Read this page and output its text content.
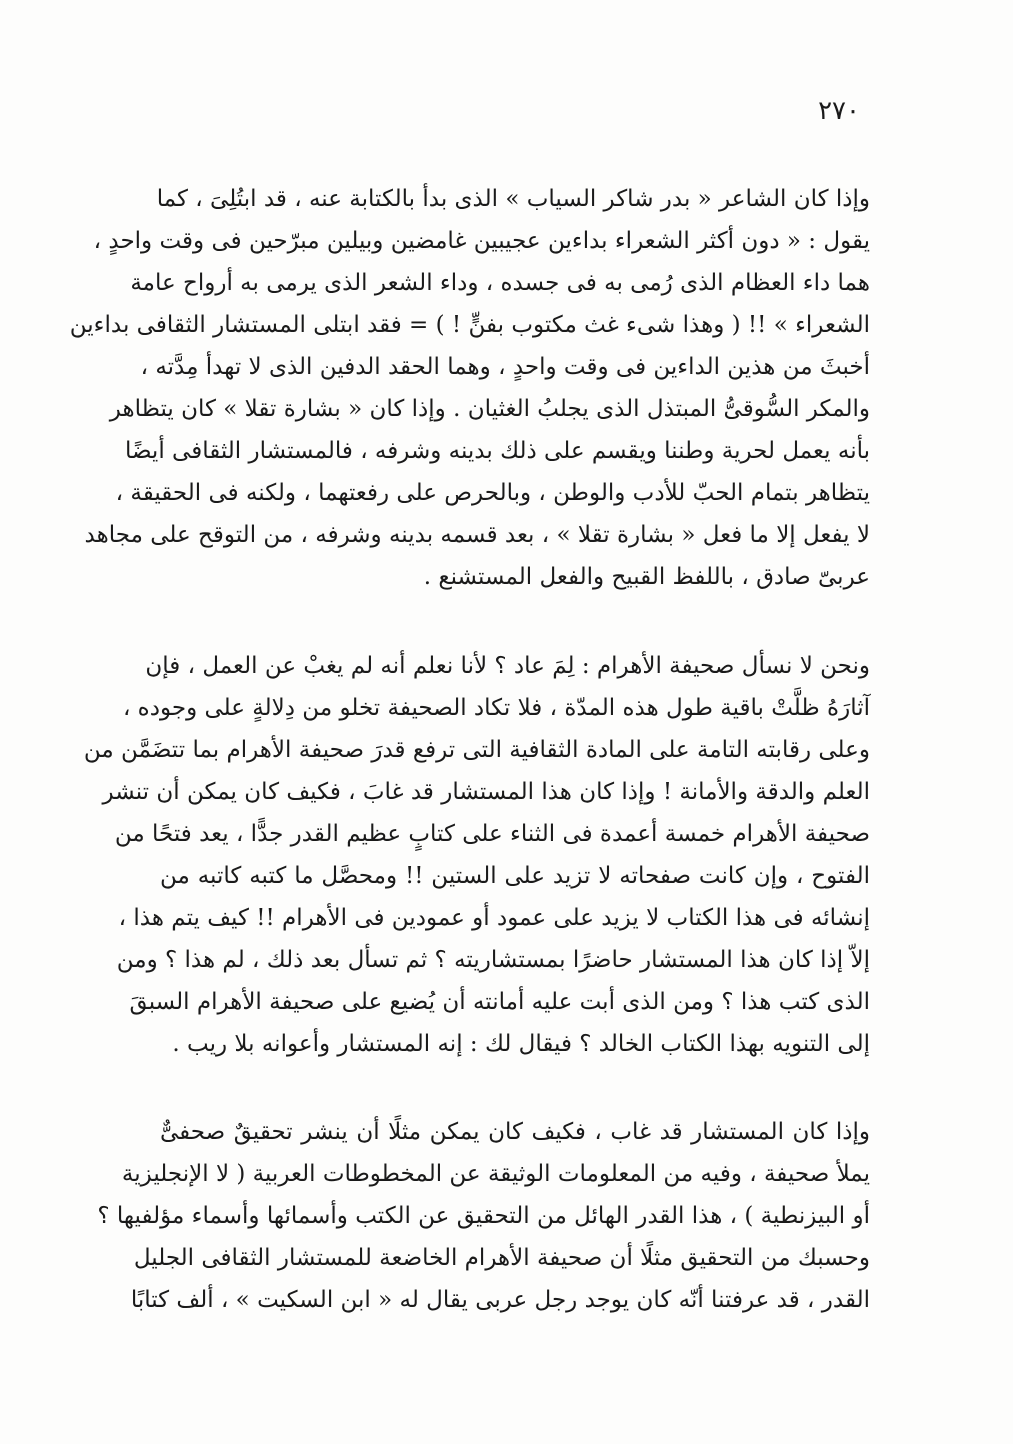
٢٧٠
وإذا كان الشاعر « بدر شاكر السياب » الذى بدأ بالكتابة عنه ، قد ابتُلِىَ ، كما
يقول : « دون أكثر الشعراء بداءين عجيبين غامضين وبيلين مبرّحين فى وقت واحدٍ ،
هما داء العظام الذى رُمى به فى جسده ، وداء الشعر الذى يرمى به أرواح عامة
الشعراء » !! ( وهذا شىء غث مكتوب بفنٍّ ! ) = فقد ابتلى المستشار الثقافى بداءين
أخبثَ من هذين الداءين فى وقت واحدٍ ، وهما الحقد الدفين الذى لا تهدأ مِدَّته ،
والمكر السُّوقىُّ المبتذل الذى يجلبُ الغثيان . وإذا كان « بشارة تقلا » كان يتظاهر
بأنه يعمل لحرية وطننا ويقسم على ذلك بدينه وشرفه ، فالمستشار الثقافى أيضًا
يتظاهر بتمام الحبّ للأدب والوطن ، وبالحرص على رفعتهما ، ولكنه فى الحقيقة ،
لا يفعل إلا ما فعل « بشارة تقلا » ، بعد قسمه بدينه وشرفه ، من التوقح على مجاهد
عربىّ صادق ، باللفظ القبيح والفعل المستشنع .
ونحن لا نسأل صحيفة الأهرام : لِمَ عاد ؟ لأنا نعلم أنه لم يغبْ عن العمل ، فإن
آثارَهُ ظلَّتْ باقية طول هذه المدّة ، فلا تكاد الصحيفة تخلو من دِلالةٍ على وجوده ،
وعلى رقابته التامة على المادة الثقافية التى ترفع قدرَ صحيفة الأهرام بما تتضَمَّن من
العلم والدقة والأمانة ! وإذا كان هذا المستشار قد غابَ ، فكيف كان يمكن أن تنشر
صحيفة الأهرام خمسة أعمدة فى الثناء على كتابٍ عظيم القدر جدًّا ، يعد فتحًا من
الفتوح ، وإن كانت صفحاته لا تزيد على الستين !! ومحصَّل ما كتبه كاتبه من
إنشائه فى هذا الكتاب لا يزيد على عمود أو عمودين فى الأهرام !! كيف يتم هذا ،
إلاّ إذا كان هذا المستشار حاضرًا بمستشاريته ؟ ثم تسأل بعد ذلك ، لم هذا ؟ ومن
الذى كتب هذا ؟ ومن الذى أبت عليه أمانته أن يُضيع على صحيفة الأهرام السبقَ
إلى التنويه بهذا الكتاب الخالد ؟ فيقال لك : إنه المستشار وأعوانه بلا ريب .
وإذا كان المستشار قد غاب ، فكيف كان يمكن مثلًا أن ينشر تحقيقٌ صحفىٌّ
يملأ صحيفة ، وفيه من المعلومات الوثيقة عن المخطوطات العربية ( لا الإنجليزية
أو البيزنطية ) ، هذا القدر الهائل من التحقيق عن الكتب وأسمائها وأسماء مؤلفيها ؟
وحسبك من التحقيق مثلًا أن صحيفة الأهرام الخاضعة للمستشار الثقافى الجليل
القدر ، قد عرفتنا أنّه كان يوجد رجل عربى يقال له « ابن السكيت » ، ألف كتابًا
